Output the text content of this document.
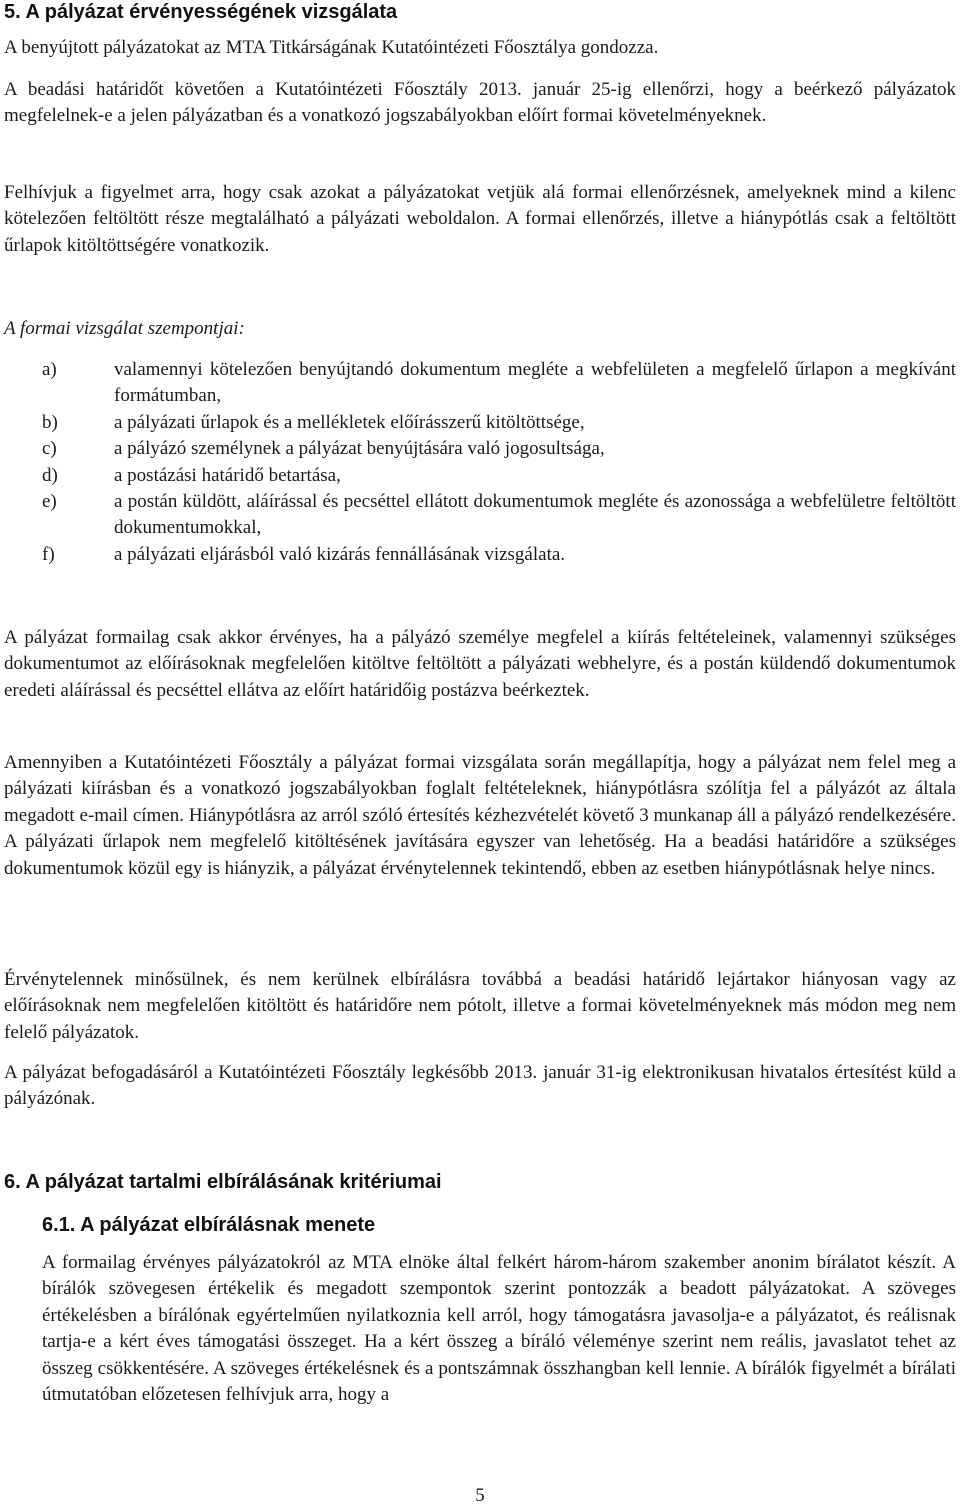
5. A pályázat érvényességének vizsgálata

A benyújtott pályázatokat az MTA Titkárságának Kutatóintézeti Főosztálya gondozza.

A beadási határidőt követően a Kutatóintézeti Főosztály 2013. január 25-ig ellenőrzi, hogy a beérkező pályázatok megfelelnek-e a jelen pályázatban és a vonatkozó jogszabályokban előírt formai követelményeknek.

Felhívjuk a figyelmet arra, hogy csak azokat a pályázatokat vetjük alá formai ellenőrzésnek, amelyeknek mind a kilenc kötelezően feltöltött része megtalálható a pályázati weboldalon. A formai ellenőrzés, illetve a hiánypótlás csak a feltöltött űrlapok kitöltöttségére vonatkozik.

A formai vizsgálat szempontjai:

a)	valamennyi kötelezően benyújtandó dokumentum megléte a webfelületen a megfelelő űrlapon a megkívánt formátumban,
b)	a pályázati űrlapok és a mellékletek előírásszerű kitöltöttsége,
c)	a pályázó személynek a pályázat benyújtására való jogosultsága,
d)	a postázási határidő betartása,
e)	a postán küldött, aláírással és pecséttel ellátott dokumentumok megléte és azonossága a webfelületre feltöltött dokumentumokkal,
f)	a pályázati eljárásból való kizárás fennállásának vizsgálata.

A pályázat formailag csak akkor érvényes, ha a pályázó személye megfelel a kiírás feltételeinek, valamennyi szükséges dokumentumot az előírásoknak megfelelően kitöltve feltöltött a pályázati webhelyre, és a postán küldendő dokumentumok eredeti aláírással és pecséttel ellátva az előírt határidőig postázva beérkeztek.

Amennyiben a Kutatóintézeti Főosztály a pályázat formai vizsgálata során megállapítja, hogy a pályázat nem felel meg a pályázati kiírásban és a vonatkozó jogszabályokban foglalt feltételeknek, hiánypótlásra szólítja fel a pályázót az általa megadott e-mail címen. Hiánypótlásra az arról szóló értesítés kézhezvételét követő 3 munkanap áll a pályázó rendelkezésére. A pályázati űrlapok nem megfelelő kitöltésének javítására egyszer van lehetőség. Ha a beadási határidőre a szükséges dokumentumok közül egy is hiányzik, a pályázat érvénytelennek tekintendő, ebben az esetben hiánypótlásnak helye nincs.

Érvénytelennek minősülnek, és nem kerülnek elbírálásra továbbá a beadási határidő lejártakor hiányosan vagy az előírásoknak nem megfelelően kitöltött és határidőre nem pótolt, illetve a formai követelményeknek más módon meg nem felelő pályázatok.

A pályázat befogadásáról a Kutatóintézeti Főosztály legkésőbb 2013. január 31-ig elektronikusan hivatalos értesítést küld a pályázónak.

6. A pályázat tartalmi elbírálásának kritériumai
6.1. A pályázat elbírálásnak menete

A formailag érvényes pályázatokról az MTA elnöke által felkért három-három szakember anonim bírálatot készít. A bírálók szövegesen értékelik és megadott szempontok szerint pontozzák a beadott pályázatokat. A szöveges értékelésben a bírálónak egyértelműen nyilatkoznia kell arról, hogy támogatásra javasolja-e a pályázatot, és reálisnak tartja-e a kért éves támogatási összeget. Ha a kért összeg a bíráló véleménye szerint nem reális, javaslatot tehet az összeg csökkentésére. A szöveges értékelésnek és a pontszámnak összhangban kell lennie. A bírálók figyelmét a bírálati útmutatóban előzetesen felhívjuk arra, hogy a

5
